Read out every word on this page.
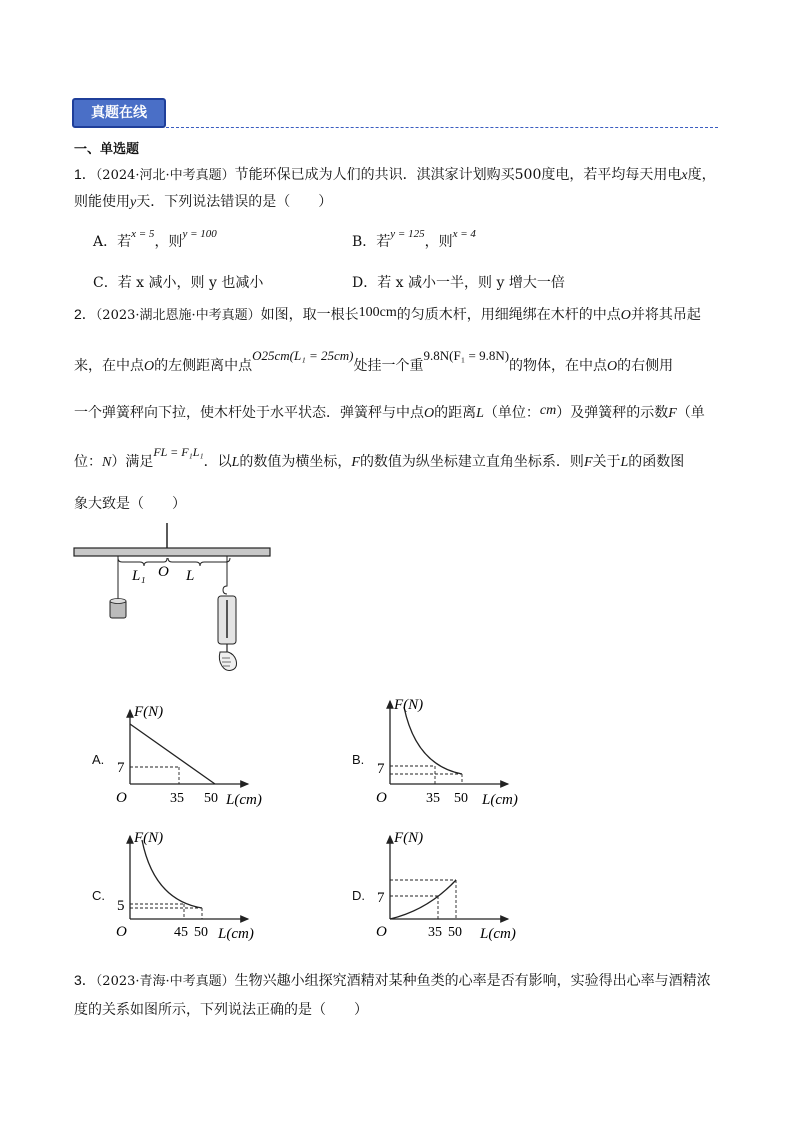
真题在线
一、单选题
1．（2024·河北·中考真题）节能环保已成为人们的共识．淇淇家计划购买500度电，若平均每天用电x度，
则能使用y天．下列说法错误的是（　　）
A．若$^{x = 5}$，则$^{y = 100}$	B．若$^{y = 125}$，则$^{x = 4}$
C．若 x 减小，则 y 也减小	D．若 x 减小一半，则 y 增大一倍
2．（2023·湖北恩施·中考真题）如图，取一根长100cm的匀质木杆，用细绳绑在木杆的中点O并将其吊起
来，在中点O的左侧距离中点O25cm(L₁ = 25cm)处挂一个重9.8N(F₁ = 9.8N)的物体，在中点O的右侧用
一个弹簧秤向下拉，使木杆处于水平状态．弹簧秤与中点O的距离L（单位：cm）及弹簧秤的示数F（单
位：N）满足FL = F₁L₁．以L的数值为横坐标，F的数值为纵坐标建立直角坐标系．则F关于L的函数图
象大致是（　　）
L₁ O L
A.
F(N)
7
O	35 50 L(cm)
B.
F(N)
7
O	35 50 L(cm)
C.
F(N)
5
O	45 50 L(cm)
D.
F(N)
7
O	35 50 L(cm)
3．（2023·青海·中考真题）生物兴趣小组探究酒精对某种鱼类的心率是否有影响，实验得出心率与酒精浓
度的关系如图所示，下列说法正确的是（　　）
